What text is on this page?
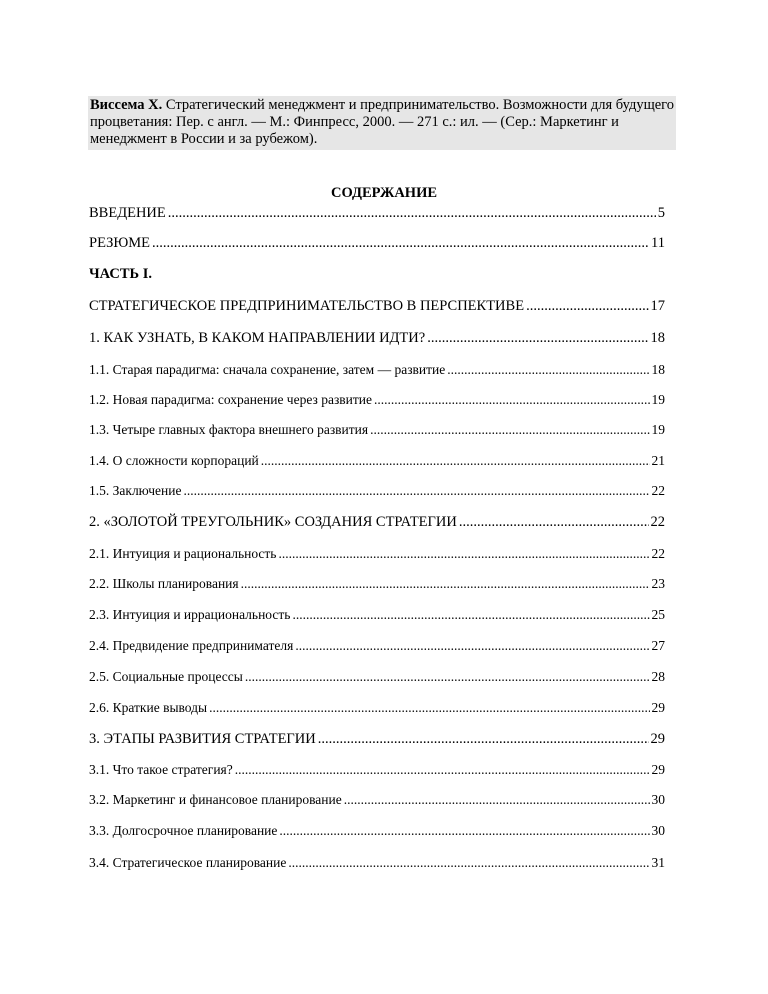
Виссема Х. Стратегический менеджмент и предпринимательство. Возможности для будущего процветания: Пер. с англ. — М.: Финпресс, 2000. — 271 с.: ил. — (Сер.: Маркетинг и менеджмент в России и за рубежом).
СОДЕРЖАНИЕ
ВВЕДЕНИЕ .....	5
РЕЗЮМЕ .....	11
ЧАСТЬ I.
СТРАТЕГИЧЕСКОЕ ПРЕДПРИНИМАТЕЛЬСТВО В ПЕРСПЕКТИВЕ .....	17
1. КАК УЗНАТЬ, В КАКОМ НАПРАВЛЕНИИ ИДТИ? .....	18
1.1. Старая парадигма: сначала сохранение, затем — развитие .....	18
1.2. Новая парадигма: сохранение через развитие .....	19
1.3. Четыре главных фактора внешнего развития .....	19
1.4. О сложности корпораций .....	21
1.5. Заключение .....	22
2. «ЗОЛОТОЙ ТРЕУГОЛЬНИК» СОЗДАНИЯ СТРАТЕГИИ .....	22
2.1. Интуиция и рациональность .....	22
2.2. Школы планирования .....	23
2.3. Интуиция и иррациональность .....	25
2.4. Предвидение предпринимателя .....	27
2.5. Социальные процессы .....	28
2.6. Краткие выводы .....	29
3. ЭТАПЫ РАЗВИТИЯ СТРАТЕГИИ .....	29
3.1. Что такое стратегия? .....	29
3.2. Маркетинг и финансовое планирование .....	30
3.3. Долгосрочное планирование .....	30
3.4. Стратегическое планирование .....	31
